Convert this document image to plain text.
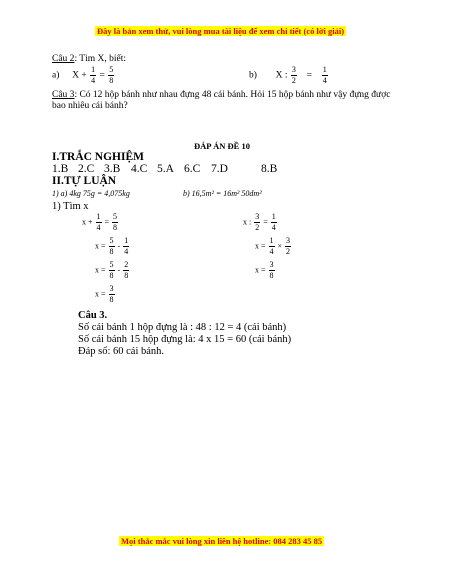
Đây là bản xem thử, vui lòng mua tài liệu để xem chi tiết (có lời giải)
Câu 2: Tìm X, biết:
a) $X + \frac{1}{4} = \frac{5}{8}$	b) X : $\frac{3}{2} = \frac{1}{4}$
Câu 3: Có 12 hộp bánh như nhau đựng 48 cái bánh. Hỏi 15 hộp bánh như vậy đựng được
bao nhiêu cái bánh?
ĐÁP ÁN ĐỀ 10
I.TRẮC NGHIỆM
1.B 2.C 3.B 4.C 5.A 6.C 7.D	8.B
II.TỰ LUẬN
1) a) 4kg 75g = 4,075kg	b) 16,5m² = 16m² 50dm²
1) Tìm x
$x + \frac{1}{4} = \frac{5}{8}$
$x = \frac{5}{8} - \frac{1}{4}$
$x = \frac{5}{8} - \frac{2}{8}$
$x = \frac{3}{8}$
x : $\frac{3}{2} = \frac{1}{4}$
$x = \frac{1}{4} \times \frac{3}{2}$
$x = \frac{3}{8}$
Câu 3.
Số cái bánh 1 hộp đựng là : 48 : 12 = 4 (cái bánh)
Số cái bánh 15 hộp đựng là: 4 x 15 = 60 (cái bánh)
Đáp số: 60 cái bánh.
Mọi thắc mắc vui lòng xin liên hệ hotline: 084 283 45 85
